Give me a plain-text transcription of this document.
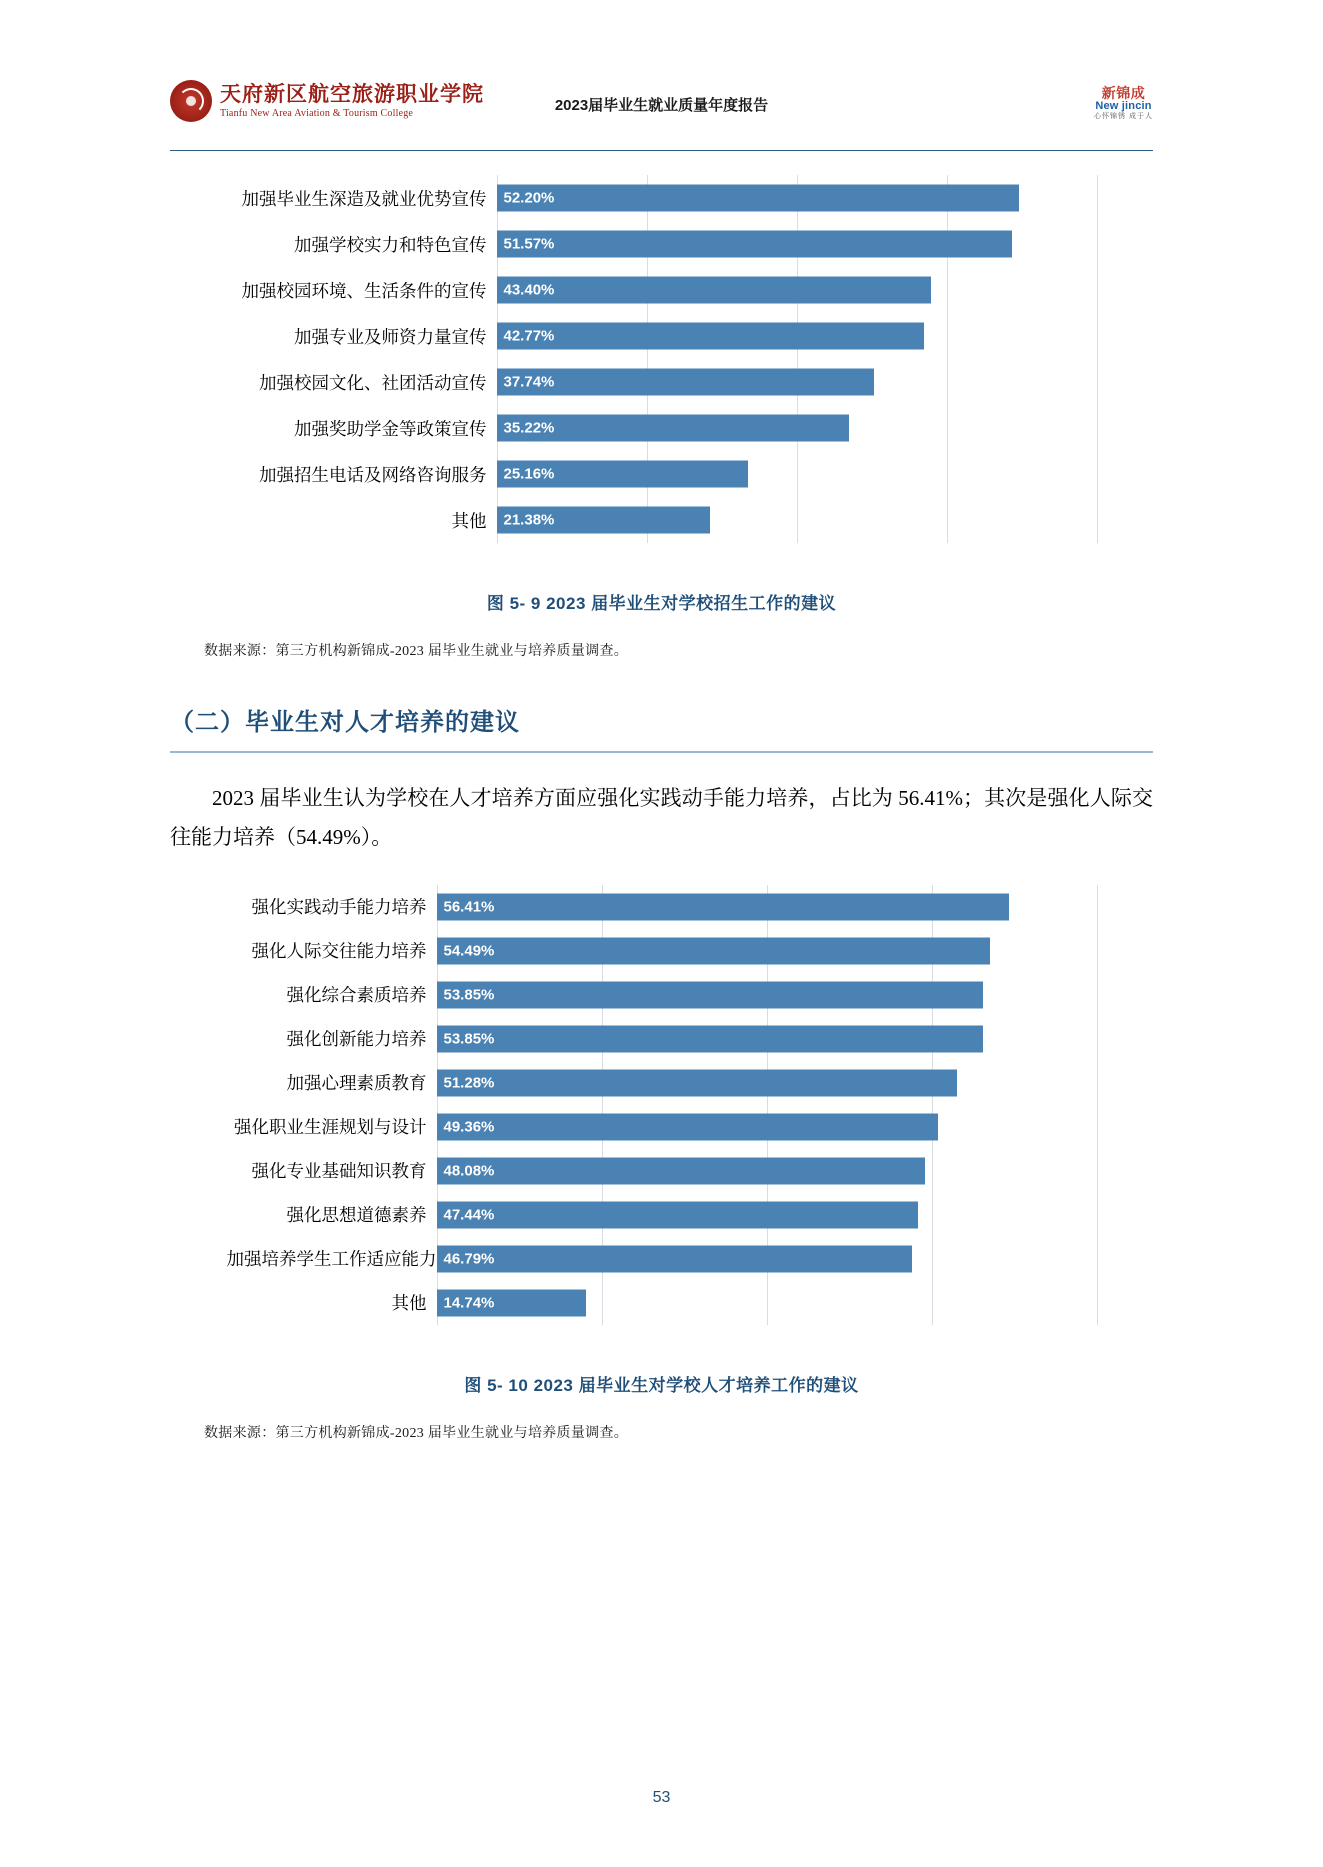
天府新区航空旅游职业学院
Tianfu New Area Aviation & Tourism College	2023届毕业生就业质量年度报告
新锦成
New jincin
心怀锦锈 成于人
加强毕业生深造及就业优势宣传	52.20%
加强学校实力和特色宣传	51.57%
加强校园环境、生活条件的宣传	43.40%
加强专业及师资力量宣传	42.77%
加强校园文化、社团活动宣传	37.74%
加强奖助学金等政策宣传	35.22%
加强招生电话及网络咨询服务	25.16%
其他	21.38%
图 5- 9 2023 届毕业生对学校招生工作的建议
数据来源：第三方机构新锦成-2023 届毕业生就业与培养质量调查。
（二）毕业生对人才培养的建议
2023 届毕业生认为学校在人才培养方面应强化实践动手能力培养，占比为 56.41%；其次是强化人际交往能力培养（54.49%）。
强化实践动手能力培养	56.41%
强化人际交往能力培养	54.49%
强化综合素质培养	53.85%
强化创新能力培养	53.85%
加强心理素质教育	51.28%
强化职业生涯规划与设计	49.36%
强化专业基础知识教育	48.08%
强化思想道德素养	47.44%
加强培养学生工作适应能力 46.79%
其他	14.74%
图 5- 10 2023 届毕业生对学校人才培养工作的建议
数据来源：第三方机构新锦成-2023 届毕业生就业与培养质量调查。
53
